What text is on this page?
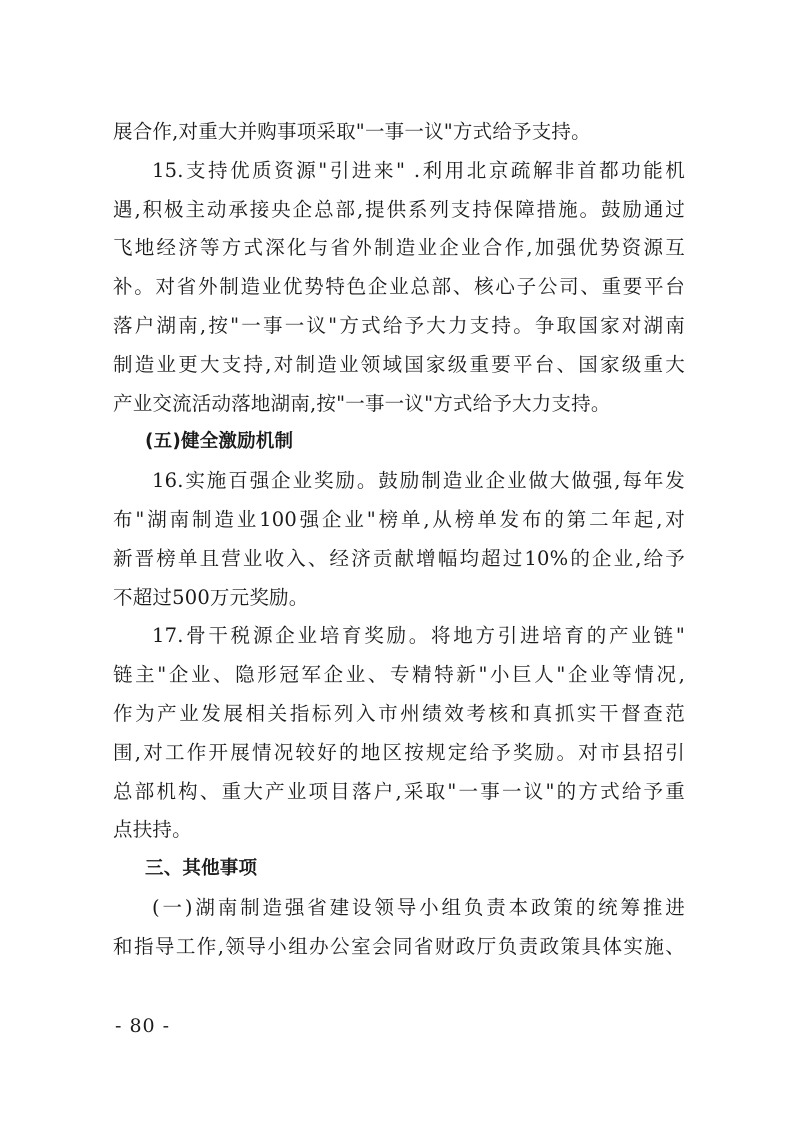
展合作,对重大并购事项采取"一事一议"方式给予支持。
15.支持优质资源"引进来" .利用北京疏解非首都功能机
遇,积极主动承接央企总部,提供系列支持保障措施。鼓励通过
飞地经济等方式深化与省外制造业企业合作,加强优势资源互
补。对省外制造业优势特色企业总部、核心子公司、重要平台
落户湖南,按"一事一议"方式给予大力支持。争取国家对湖南
制造业更大支持,对制造业领域国家级重要平台、国家级重大
产业交流活动落地湖南,按"一事一议"方式给予大力支持。
(五)健全激励机制
16.实施百强企业奖励。鼓励制造业企业做大做强,每年发
布"湖南制造业100强企业"榜单,从榜单发布的第二年起,对
新晋榜单且营业收入、经济贡献增幅均超过10%的企业,给予
不超过500万元奖励。
17.骨干税源企业培育奖励。将地方引进培育的产业链"
链主"企业、隐形冠军企业、专精特新"小巨人"企业等情况,
作为产业发展相关指标列入市州绩效考核和真抓实干督查范
围,对工作开展情况较好的地区按规定给予奖励。对市县招引
总部机构、重大产业项目落户,采取"一事一议"的方式给予重
点扶持。
三、其他事项
(一)湖南制造强省建设领导小组负责本政策的统筹推进
和指导工作,领导小组办公室会同省财政厅负责政策具体实施、
- 80 -
